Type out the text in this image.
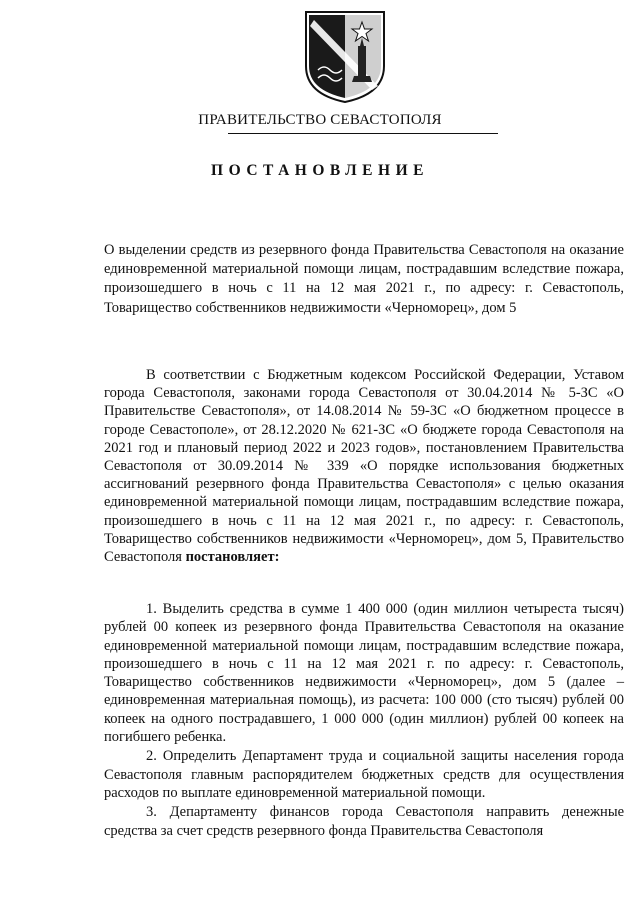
ПРАВИТЕЛЬСТВО СЕВАСТОПОЛЯ
ПОСТАНОВЛЕНИЕ

О выделении средств из резервного фонда Правительства Севастополя на оказание единовременной материальной помощи лицам, пострадавшим вследствие пожара, произошедшего в ночь с 11 на 12 мая 2021 г., по адресу: г. Севастополь, Товарищество собственников недвижимости «Черноморец», дом 5

В соответствии с Бюджетным кодексом Российской Федерации, Уставом города Севастополя, законами города Севастополя от 30.04.2014 № 5-ЗС «О Правительстве Севастополя», от 14.08.2014 № 59-ЗС «О бюджетном процессе в городе Севастополе», от 28.12.2020 № 621-ЗС «О бюджете города Севастополя на 2021 год и плановый период 2022 и 2023 годов», постановлением Правительства Севастополя от 30.09.2014 № 339 «О порядке использования бюджетных ассигнований резервного фонда Правительства Севастополя» с целью оказания единовременной материальной помощи лицам, пострадавшим вследствие пожара, произошедшего в ночь с 11 на 12 мая 2021 г., по адресу: г. Севастополь, Товарищество собственников недвижимости «Черноморец», дом 5, Правительство Севастополя постановляет:

1. Выделить средства в сумме 1 400 000 (один миллион четыреста тысяч) рублей 00 копеек из резервного фонда Правительства Севастополя на оказание единовременной материальной помощи лицам, пострадавшим вследствие пожара, произошедшего в ночь с 11 на 12 мая 2021 г. по адресу: г. Севастополь, Товарищество собственников недвижимости «Черноморец», дом 5 (далее – единовременная материальная помощь), из расчета: 100 000 (сто тысяч) рублей 00 копеек на одного пострадавшего, 1 000 000 (один миллион) рублей 00 копеек на погибшего ребенка.

2. Определить Департамент труда и социальной защиты населения города Севастополя главным распорядителем бюджетных средств для осуществления расходов по выплате единовременной материальной помощи.

3. Департаменту финансов города Севастополя направить денежные средства за счет средств резервного фонда Правительства Севастополя
